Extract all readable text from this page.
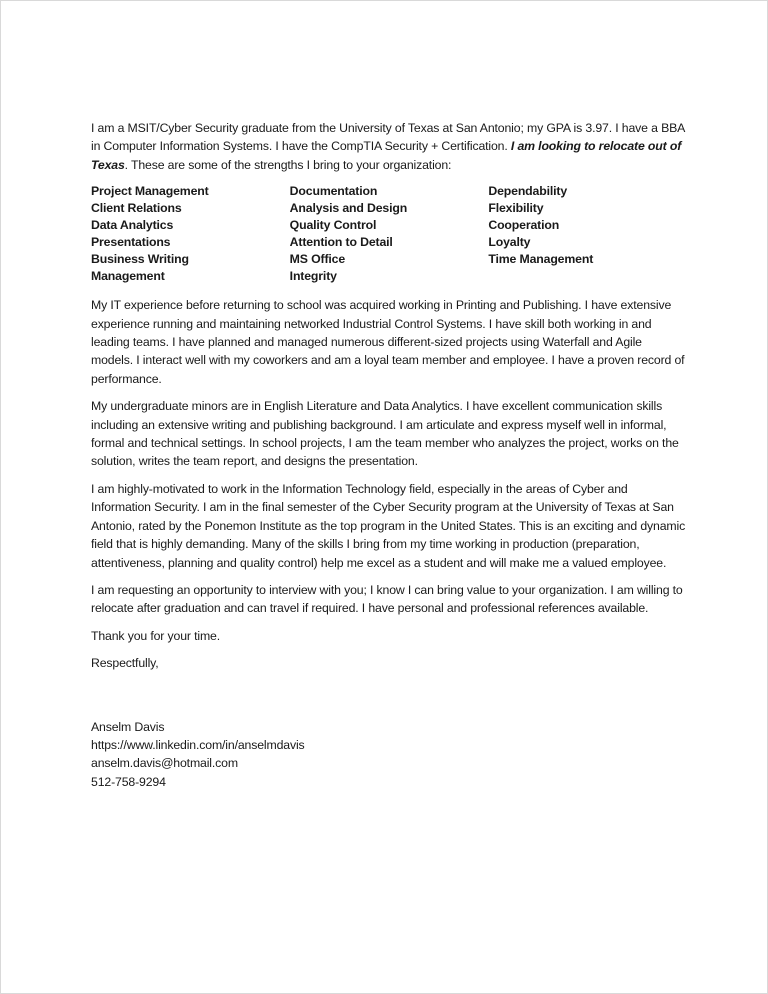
I am a MSIT/Cyber Security graduate from the University of Texas at San Antonio; my GPA is 3.97. I have a BBA in Computer Information Systems. I have the CompTIA Security + Certification. I am looking to relocate out of Texas. These are some of the strengths I bring to your organization:

Project Management
Client Relations
Data Analytics
Presentations
Business Writing
Management
Documentation
Analysis and Design
Quality Control
Attention to Detail
MS Office
Integrity
Dependability
Flexibility
Cooperation
Loyalty
Time Management

My IT experience before returning to school was acquired working in Printing and Publishing. I have extensive experience running and maintaining networked Industrial Control Systems. I have skill both working in and leading teams. I have planned and managed numerous different-sized projects using Waterfall and Agile models. I interact well with my coworkers and am a loyal team member and employee. I have a proven record of performance.

My undergraduate minors are in English Literature and Data Analytics. I have excellent communication skills including an extensive writing and publishing background. I am articulate and express myself well in informal, formal and technical settings. In school projects, I am the team member who analyzes the project, works on the solution, writes the team report, and designs the presentation.

I am highly-motivated to work in the Information Technology field, especially in the areas of Cyber and Information Security. I am in the final semester of the Cyber Security program at the University of Texas at San Antonio, rated by the Ponemon Institute as the top program in the United States. This is an exciting and dynamic field that is highly demanding. Many of the skills I bring from my time working in production (preparation, attentiveness, planning and quality control) help me excel as a student and will make me a valued employee.

I am requesting an opportunity to interview with you; I know I can bring value to your organization. I am willing to relocate after graduation and can travel if required. I have personal and professional references available.

Thank you for your time.

Respectfully,

Anselm Davis
https://www.linkedin.com/in/anselmdavis
anselm.davis@hotmail.com
512-758-9294
